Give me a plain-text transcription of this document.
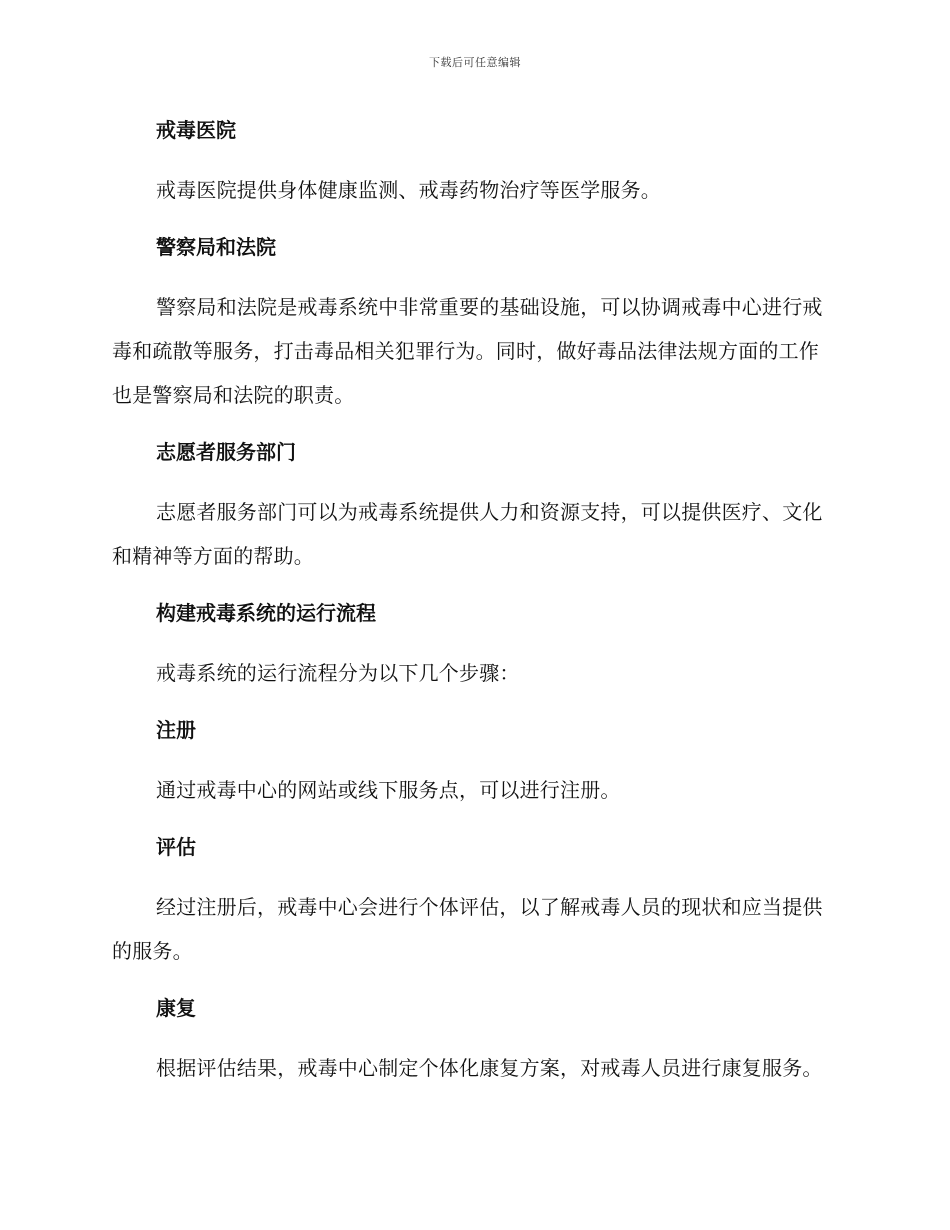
下载后可任意编辑
戒毒医院

戒毒医院提供身体健康监测、戒毒药物治疗等医学服务。

警察局和法院

警察局和法院是戒毒系统中非常重要的基础设施，可以协调戒毒中心进行戒毒和疏散等服务，打击毒品相关犯罪行为。同时，做好毒品法律法规方面的工作也是警察局和法院的职责。

志愿者服务部门

志愿者服务部门可以为戒毒系统提供人力和资源支持，可以提供医疗、文化和精神等方面的帮助。

构建戒毒系统的运行流程

戒毒系统的运行流程分为以下几个步骤：

注册

通过戒毒中心的网站或线下服务点，可以进行注册。

评估

经过注册后，戒毒中心会进行个体评估，以了解戒毒人员的现状和应当提供的服务。

康复

根据评估结果，戒毒中心制定个体化康复方案，对戒毒人员进行康复服务。
